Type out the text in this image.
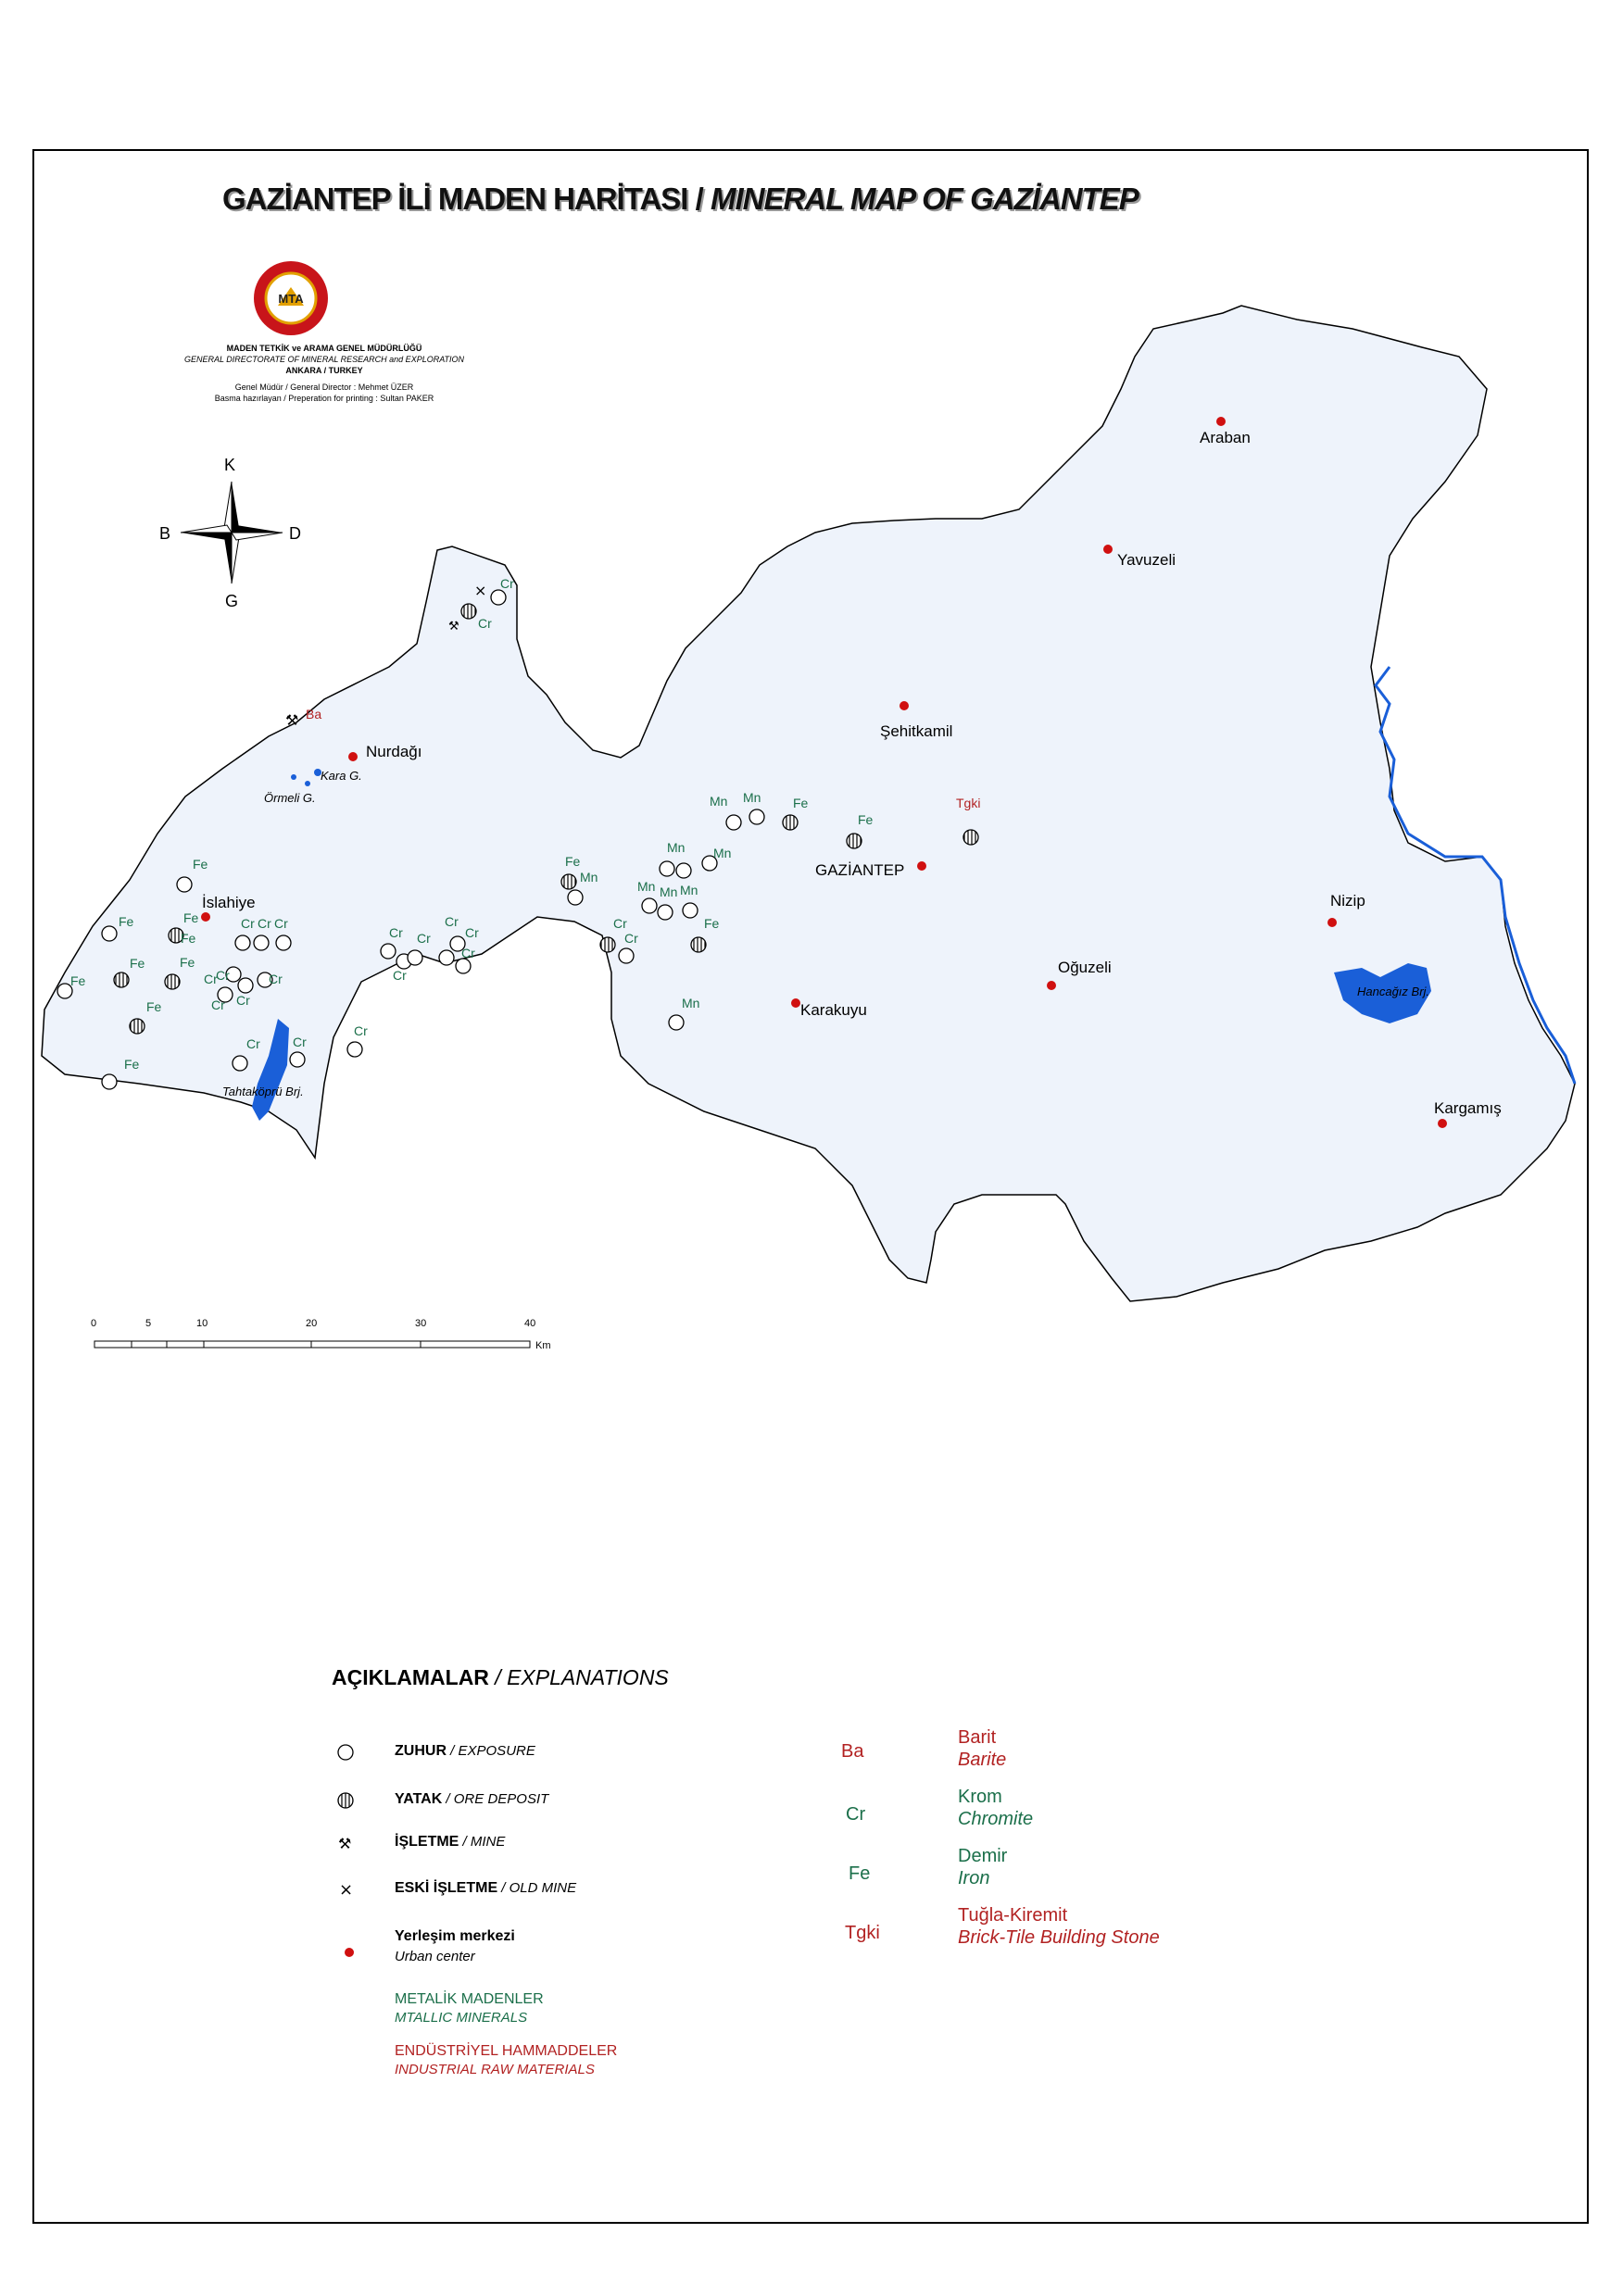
GAZİANTEP İLİ MADEN HARİTASI / MINERAL MAP OF GAZİANTEP
MTA
MADEN TETKİK ve ARAMA GENEL MÜDÜRLÜĞÜ
GENERAL DIRECTORATE OF MINERAL RESEARCH and EXPLORATION
ANKARA / TURKEY
Genel Müdür / General Director : Mehmet ÜZER
Basma hazırlayan / Preperation for printing : Sultan PAKER
Kara G.
Örmeli G.
Tahtaköprü Brj.
Hancağız Brj.
Araban
Yavuzeli
Şehitkamil
GAZİANTEP
Nizip
Oğuzeli
Karakuyu
Kargamış
Nurdağı
İslahiye
⚒
⚒
× Cr
Cr
Ba
Fe
Fe	Fe
Fe
Fe	Fe
Fe
Fe
Fe
Cr Cr Cr
Cr	Cr
Cr
Cr Cr
Cr	Cr
Cr
Cr
Cr
Cr
Cr
Cr
Cr
Fe
Cr
Cr
Fe
Fe
Fe
Tgki
Mn Mn
Mn
Mn Mn
Mn Mn Mn
Mn
K
G
B	D
0	5	10	20	30	40
Km
⚒
×
AÇIKLAMALAR / EXPLANATIONS
ZUHUR / EXPOSURE
YATAK / ORE DEPOSIT
İŞLETME / MINE
ESKİ İŞLETME / OLD MINE
Yerleşim merkezi
Urban center
METALİK MADENLER
MTALLIC MINERALS
ENDÜSTRİYEL HAMMADDELER
INDUSTRIAL RAW MATERIALS
Ba
Barit
Barite
Cr
Krom
Chromite
Fe
Demir
Iron
Tgki
Tuğla-Kiremit
Brick-Tile Building Stone
